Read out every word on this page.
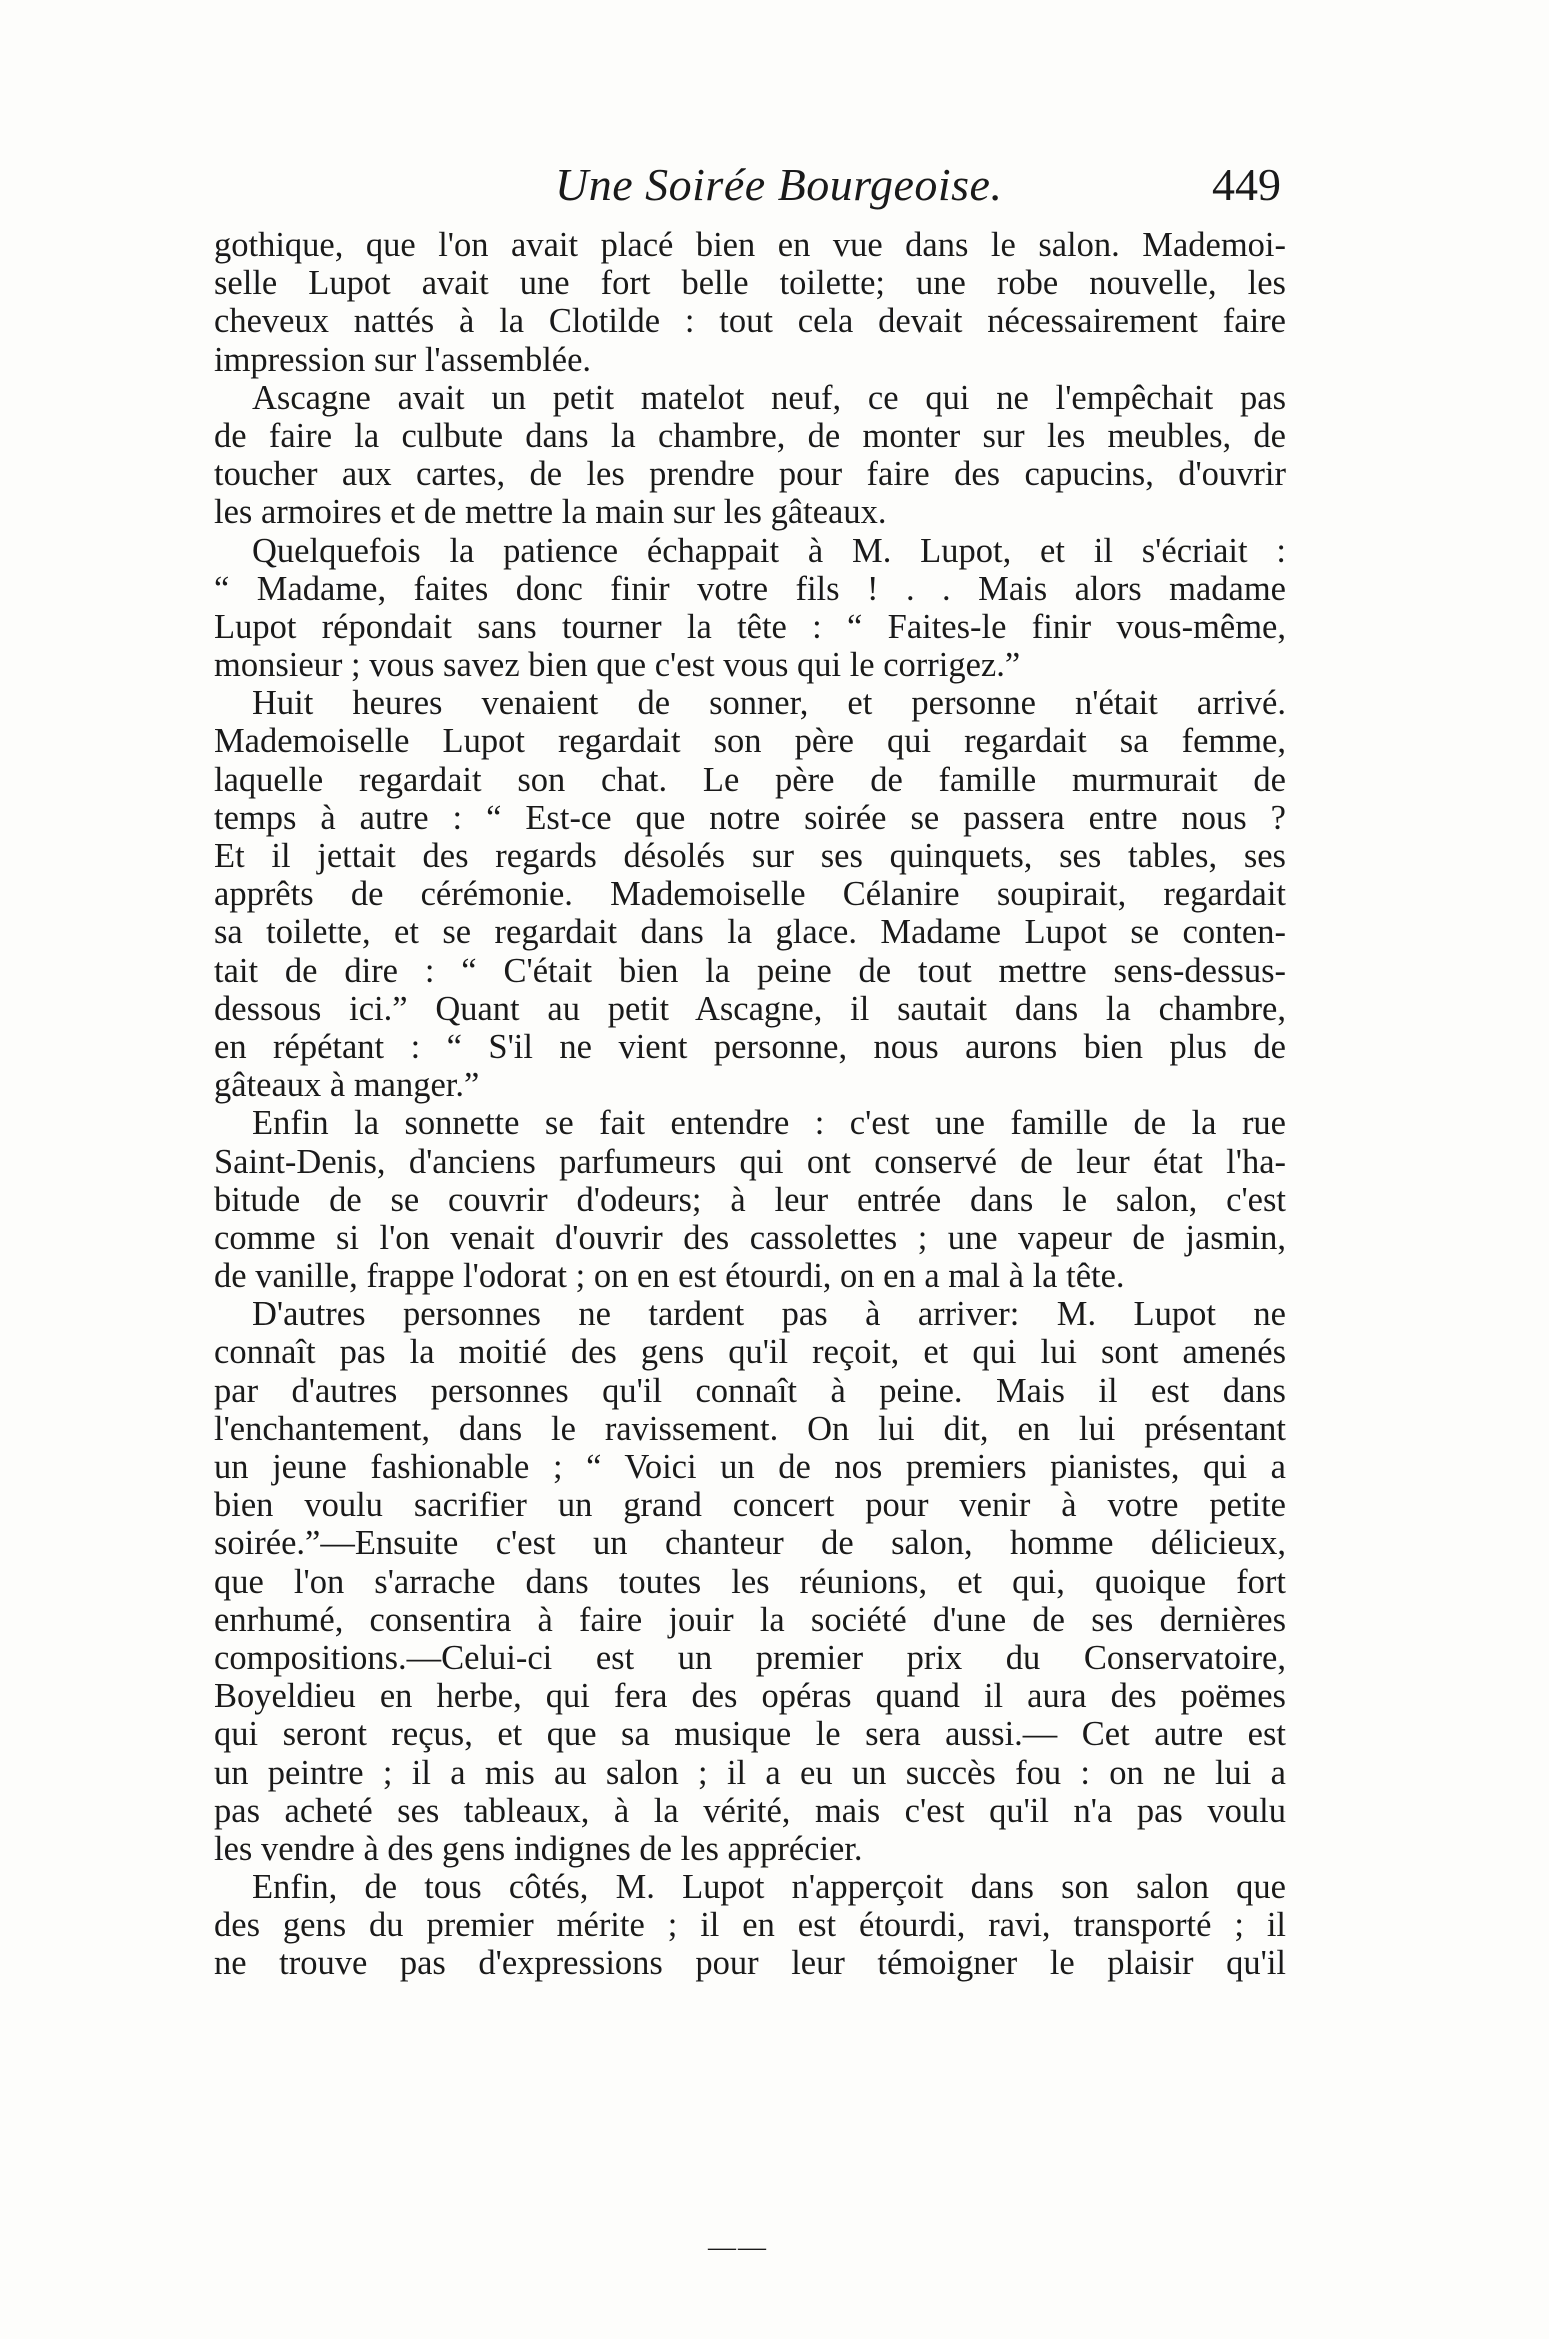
Une Soirée Bourgeoise.	449
gothique, que l'on avait placé bien en vue dans le salon. Mademoi-
selle Lupot avait une fort belle toilette; une robe nouvelle, les
cheveux nattés à la Clotilde : tout cela devait nécessairement faire
impression sur l'assemblée.
Ascagne avait un petit matelot neuf, ce qui ne l'empêchait pas
de faire la culbute dans la chambre, de monter sur les meubles, de
toucher aux cartes, de les prendre pour faire des capucins, d'ouvrir
les armoires et de mettre la main sur les gâteaux.
Quelquefois la patience échappait à M. Lupot, et il s'écriait :
“ Madame, faites donc finir votre fils ! . . Mais alors madame
Lupot répondait sans tourner la tête : “ Faites-le finir vous-même,
monsieur ; vous savez bien que c'est vous qui le corrigez.”
Huit heures venaient de sonner, et personne n'était arrivé.
Mademoiselle Lupot regardait son père qui regardait sa femme,
laquelle regardait son chat. Le père de famille murmurait de
temps à autre : “ Est-ce que notre soirée se passera entre nous ?
Et il jettait des regards désolés sur ses quinquets, ses tables, ses
apprêts de cérémonie. Mademoiselle Célanire soupirait, regardait
sa toilette, et se regardait dans la glace. Madame Lupot se conten-
tait de dire : “ C'était bien la peine de tout mettre sens-dessus-
dessous ici.” Quant au petit Ascagne, il sautait dans la chambre,
en répétant : “ S'il ne vient personne, nous aurons bien plus de
gâteaux à manger.”
Enfin la sonnette se fait entendre : c'est une famille de la rue
Saint-Denis, d'anciens parfumeurs qui ont conservé de leur état l'ha-
bitude de se couvrir d'odeurs; à leur entrée dans le salon, c'est
comme si l'on venait d'ouvrir des cassolettes ; une vapeur de jasmin,
de vanille, frappe l'odorat ; on en est étourdi, on en a mal à la tête.
D'autres personnes ne tardent pas à arriver: M. Lupot ne
connaît pas la moitié des gens qu'il reçoit, et qui lui sont amenés
par d'autres personnes qu'il connaît à peine. Mais il est dans
l'enchantement, dans le ravissement. On lui dit, en lui présentant
un jeune fashionable ; “ Voici un de nos premiers pianistes, qui a
bien voulu sacrifier un grand concert pour venir à votre petite
soirée.”—Ensuite c'est un chanteur de salon, homme délicieux,
que l'on s'arrache dans toutes les réunions, et qui, quoique fort
enrhumé, consentira à faire jouir la société d'une de ses dernières
compositions.—Celui-ci est un premier prix du Conservatoire,
Boyeldieu en herbe, qui fera des opéras quand il aura des poëmes
qui seront reçus, et que sa musique le sera aussi.— Cet autre est
un peintre ; il a mis au salon ; il a eu un succès fou : on ne lui a
pas acheté ses tableaux, à la vérité, mais c'est qu'il n'a pas voulu
les vendre à des gens indignes de les apprécier.
Enfin, de tous côtés, M. Lupot n'apperçoit dans son salon que
des gens du premier mérite ; il en est étourdi, ravi, transporté ; il
ne trouve pas d'expressions pour leur témoigner le plaisir qu'il
——
